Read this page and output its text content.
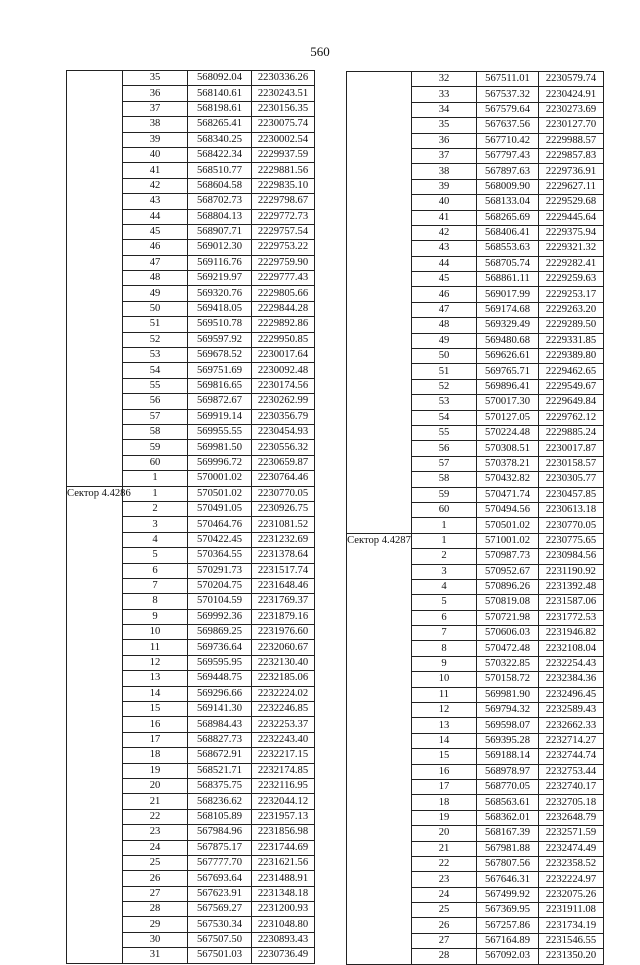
560
	35	568092.04	2230336.26
	36	568140.61	2230243.51
	37	568198.61	2230156.35
	38	568265.41	2230075.74
	39	568340.25	2230002.54
	40	568422.34	2229937.59
	41	568510.77	2229881.56
	42	568604.58	2229835.10
	43	568702.73	2229798.67
	44	568804.13	2229772.73
	45	568907.71	2229757.54
	46	569012.30	2229753.22
	47	569116.76	2229759.90
	48	569219.97	2229777.43
	49	569320.76	2229805.66
	50	569418.05	2229844.28
	51	569510.78	2229892.86
	52	569597.92	2229950.85
	53	569678.52	2230017.64
	54	569751.69	2230092.48
	55	569816.65	2230174.56
	56	569872.67	2230262.99
	57	569919.14	2230356.79
	58	569955.55	2230454.93
	59	569981.50	2230556.32
	60	569996.72	2230659.87
	1	570001.02	2230764.46
Сектор 4.4286	1	570501.02	2230770.05
	2	570491.05	2230926.75
	3	570464.76	2231081.52
	4	570422.45	2231232.69
	5	570364.55	2231378.64
	6	570291.73	2231517.74
	7	570204.75	2231648.46
	8	570104.59	2231769.37
	9	569992.36	2231879.16
	10	569869.25	2231976.60
	11	569736.64	2232060.67
	12	569595.95	2232130.40
	13	569448.75	2232185.06
	14	569296.66	2232224.02
	15	569141.30	2232246.85
	16	568984.43	2232253.37
	17	568827.73	2232243.40
	18	568672.91	2232217.15
	19	568521.71	2232174.85
	20	568375.75	2232116.95
	21	568236.62	2232044.12
	22	568105.89	2231957.13
	23	567984.96	2231856.98
	24	567875.17	2231744.69
	25	567777.70	2231621.56
	26	567693.64	2231488.91
	27	567623.91	2231348.18
	28	567569.27	2231200.93
	29	567530.34	2231048.80
	30	567507.50	2230893.43
	31	567501.03	2230736.49
	32	567511.01	2230579.74
	33	567537.32	2230424.91
	34	567579.64	2230273.69
	35	567637.56	2230127.70
	36	567710.42	2229988.57
	37	567797.43	2229857.83
	38	567897.63	2229736.91
	39	568009.90	2229627.11
	40	568133.04	2229529.68
	41	568265.69	2229445.64
	42	568406.41	2229375.94
	43	568553.63	2229321.32
	44	568705.74	2229282.41
	45	568861.11	2229259.63
	46	569017.99	2229253.17
	47	569174.68	2229263.20
	48	569329.49	2229289.50
	49	569480.68	2229331.85
	50	569626.61	2229389.80
	51	569765.71	2229462.65
	52	569896.41	2229549.67
	53	570017.30	2229649.84
	54	570127.05	2229762.12
	55	570224.48	2229885.24
	56	570308.51	2230017.87
	57	570378.21	2230158.57
	58	570432.82	2230305.77
	59	570471.74	2230457.85
	60	570494.56	2230613.18
	1	570501.02	2230770.05
Сектор 4.4287	1	571001.02	2230775.65
	2	570987.73	2230984.56
	3	570952.67	2231190.92
	4	570896.26	2231392.48
	5	570819.08	2231587.06
	6	570721.98	2231772.53
	7	570606.03	2231946.82
	8	570472.48	2232108.04
	9	570322.85	2232254.43
	10	570158.72	2232384.36
	11	569981.90	2232496.45
	12	569794.32	2232589.43
	13	569598.07	2232662.33
	14	569395.28	2232714.27
	15	569188.14	2232744.74
	16	568978.97	2232753.44
	17	568770.05	2232740.17
	18	568563.61	2232705.18
	19	568362.01	2232648.79
	20	568167.39	2232571.59
	21	567981.88	2232474.49
	22	567807.56	2232358.52
	23	567646.31	2232224.97
	24	567499.92	2232075.26
	25	567369.95	2231911.08
	26	567257.86	2231734.19
	27	567164.89	2231546.55
	28	567092.03	2231350.20
